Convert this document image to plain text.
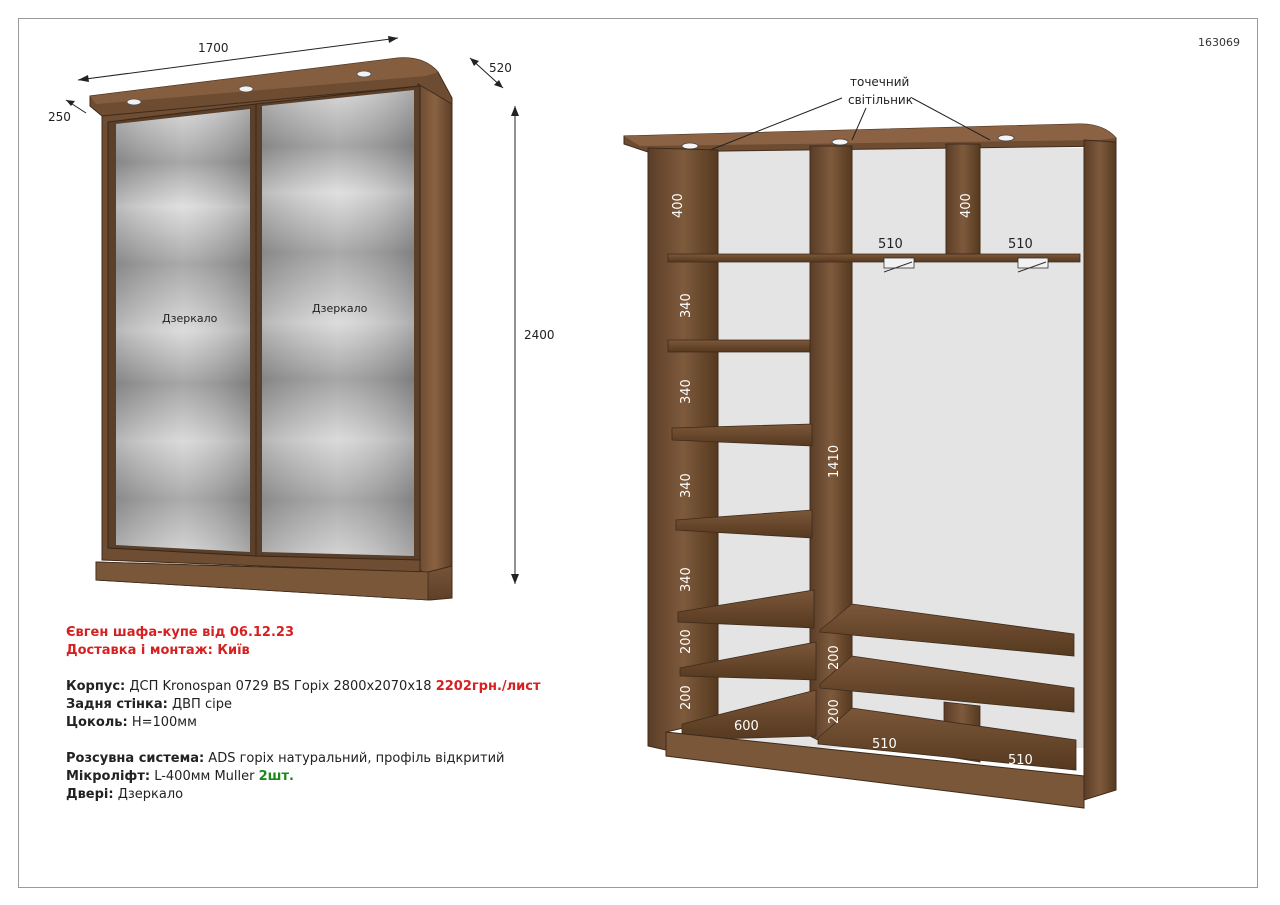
163069
1700
520
250
2400
Дзеркало
Дзеркало
точечний
світільник
400	400
340
340
340
340
200
200
1410
200
200
600
510
510
510	510
Євген шафа-купе від 06.12.23
Доставка і монтаж: Київ
Корпус: ДСП Kronospan 0729 BS Горіх 2800х2070х18 2202грн./лист
Задня стінка: ДВП сіре
Цоколь: Н=100мм
Розсувна система: ADS горіх натуральний, профіль відкритий
Мікроліфт: L-400мм Muller 2шт.
Двері: Дзеркало
